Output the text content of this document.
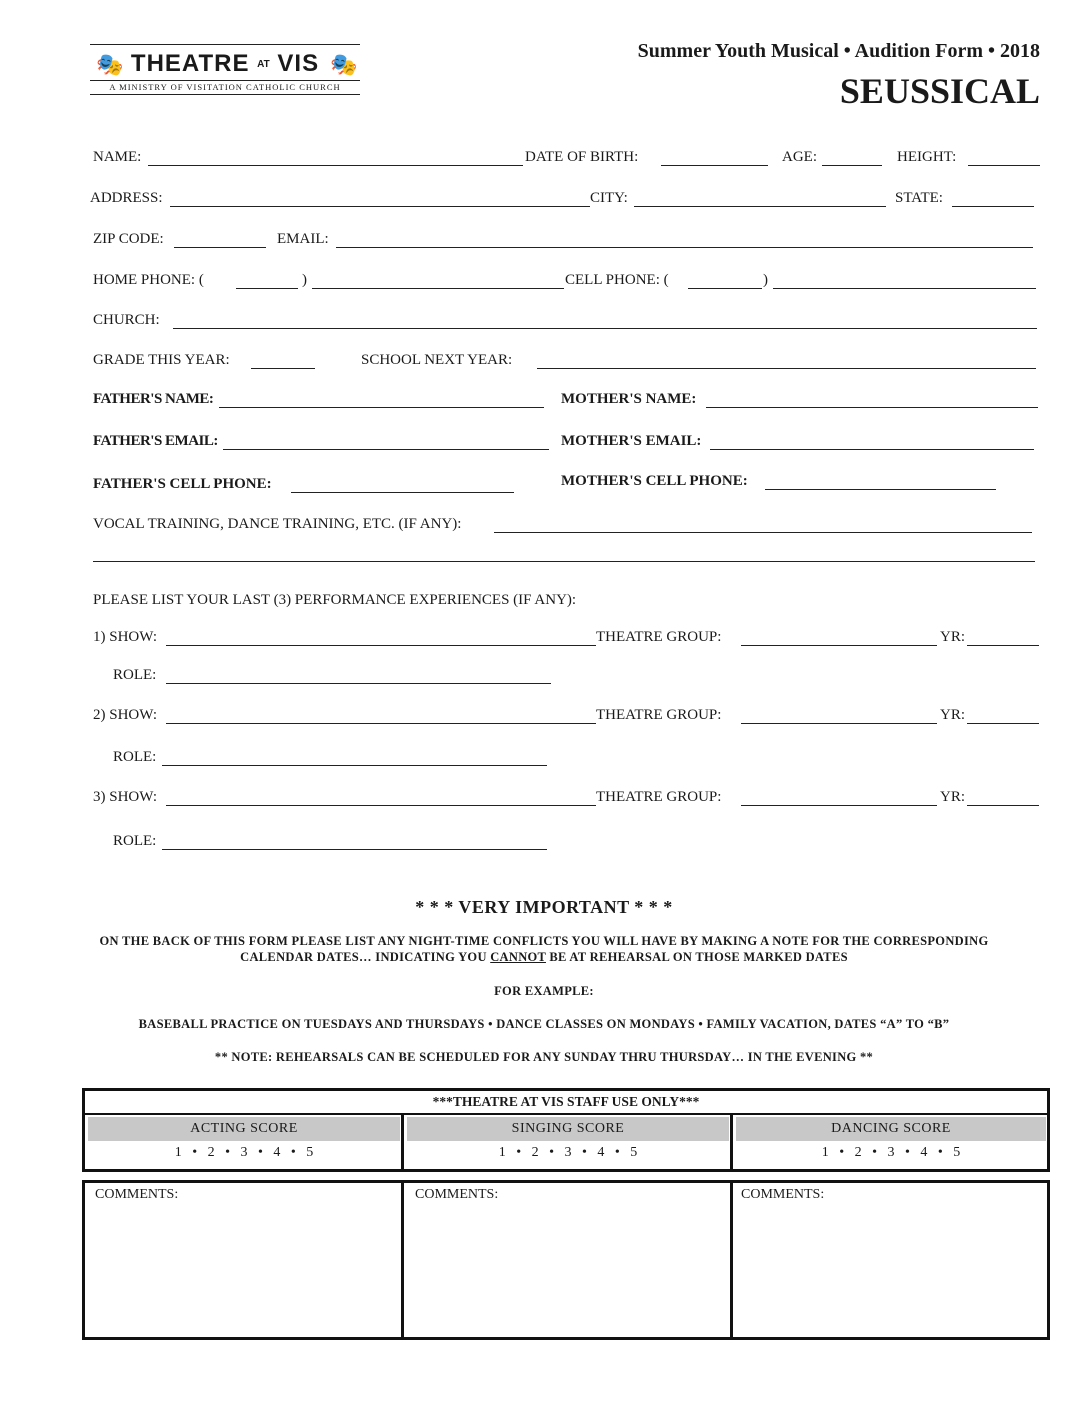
🎭 THEATRE AT VIS 🎭
A MINISTRY OF VISITATION CATHOLIC CHURCH
Summer Youth Musical • Audition Form • 2018
SEUSSICAL
NAME:	DATE OF BIRTH:	AGE:	HEIGHT:
ADDRESS:	CITY:	STATE:
ZIP CODE:	EMAIL:
HOME PHONE: (	)	CELL PHONE: (	)
CHURCH:
GRADE THIS YEAR:	SCHOOL NEXT YEAR:
FATHER'S NAME:	MOTHER'S NAME:
FATHER'S EMAIL:	MOTHER'S EMAIL:
FATHER'S CELL PHONE:	MOTHER'S CELL PHONE:
VOCAL TRAINING, DANCE TRAINING, ETC. (IF ANY):
PLEASE LIST YOUR LAST (3) PERFORMANCE EXPERIENCES (IF ANY):
1) SHOW:	THEATRE GROUP:	YR:
ROLE:
2) SHOW:	THEATRE GROUP:	YR:
ROLE:
3) SHOW:	THEATRE GROUP:	YR:
ROLE:
* * * VERY IMPORTANT * * *
ON THE BACK OF THIS FORM PLEASE LIST ANY NIGHT-TIME CONFLICTS YOU WILL HAVE BY MAKING A NOTE FOR THE CORRESPONDING
CALENDAR DATES… INDICATING YOU CANNOT BE AT REHEARSAL ON THOSE MARKED DATES
FOR EXAMPLE:
BASEBALL PRACTICE ON TUESDAYS AND THURSDAYS • DANCE CLASSES ON MONDAYS • FAMILY VACATION, DATES “A” TO “B”
** NOTE: REHEARSALS CAN BE SCHEDULED FOR ANY SUNDAY THRU THURSDAY… IN THE EVENING **
***THEATRE AT VIS STAFF USE ONLY***
ACTING SCORE	SINGING SCORE	DANCING SCORE
1   •   2   •   3   •   4   •   5	1   •   2   •   3   •   4   •   5	1   •   2   •   3   •   4   •   5
COMMENTS:	COMMENTS:	COMMENTS:
